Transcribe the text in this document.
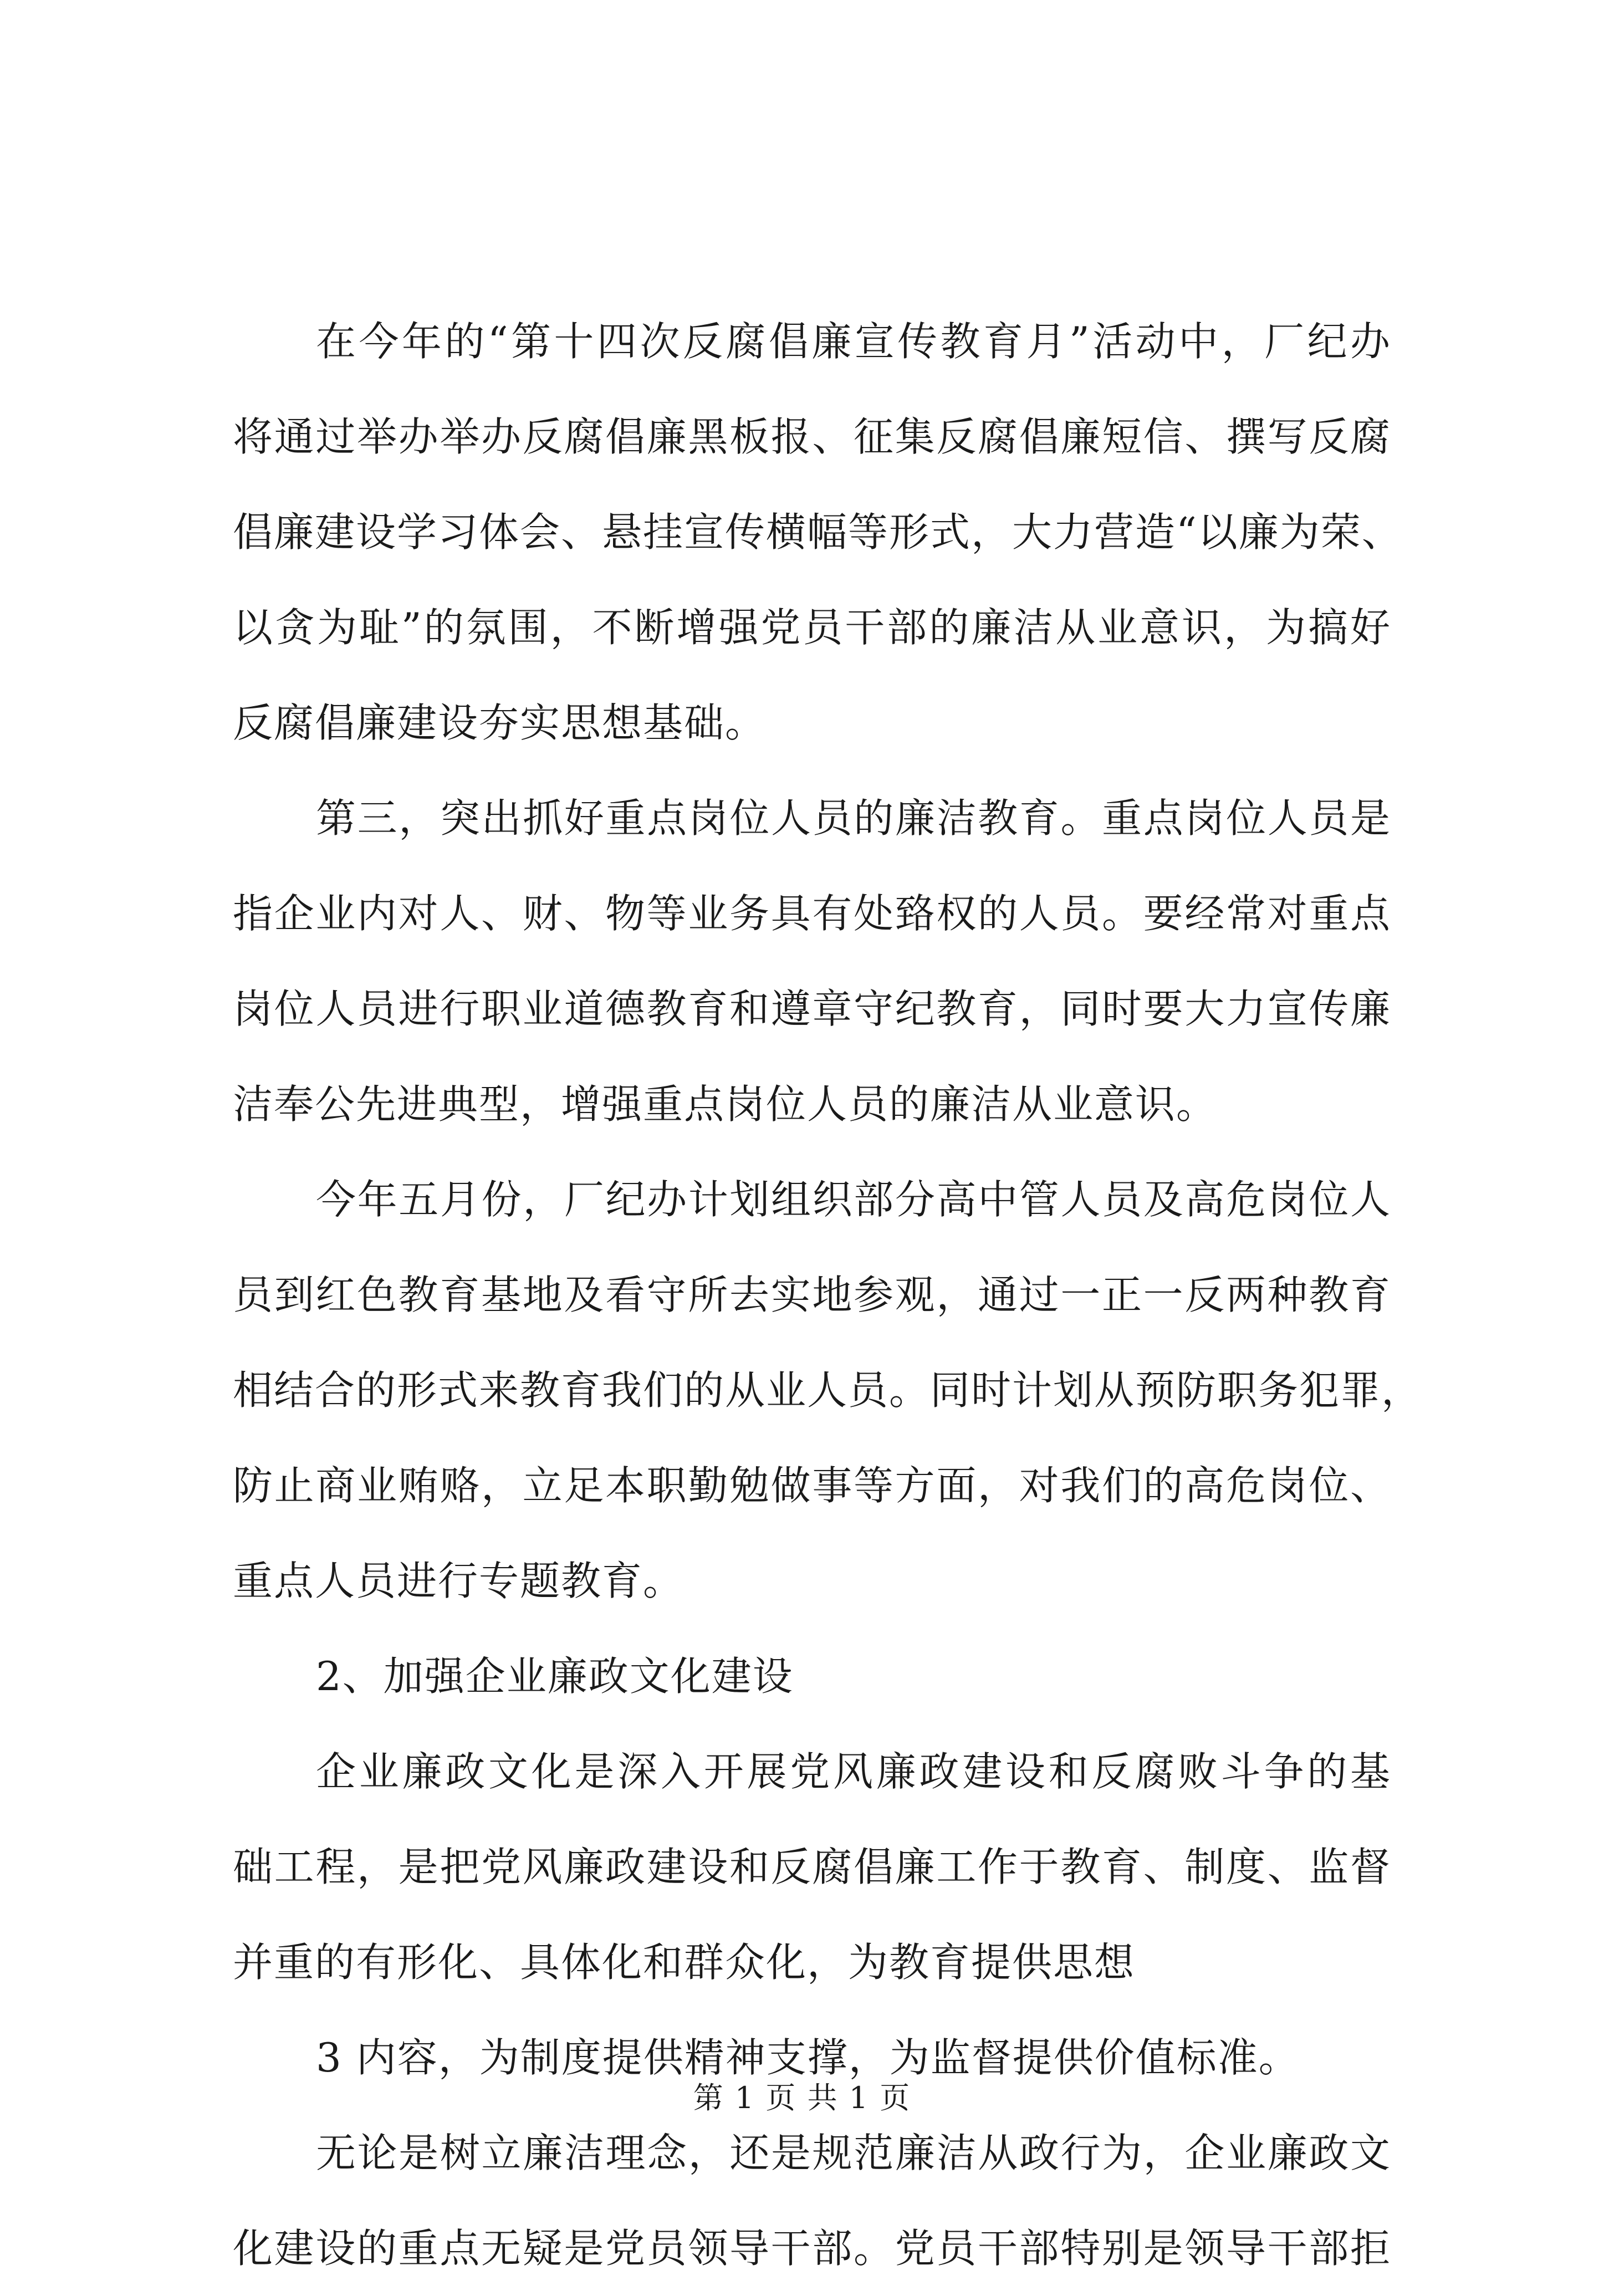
在今年的“第十四次反腐倡廉宣传教育月”活动中，厂纪办
将通过举办举办反腐倡廉黑板报、征集反腐倡廉短信、撰写反腐
倡廉建设学习体会、悬挂宣传横幅等形式，大力营造“以廉为荣、
以贪为耻”的氛围，不断增强党员干部的廉洁从业意识，为搞好
反腐倡廉建设夯实思想基础。
第三，突出抓好重点岗位人员的廉洁教育。重点岗位人员是
指企业内对人、财、物等业务具有处臵权的人员。要经常对重点
岗位人员进行职业道德教育和遵章守纪教育，同时要大力宣传廉
洁奉公先进典型，增强重点岗位人员的廉洁从业意识。
今年五月份，厂纪办计划组织部分高中管人员及高危岗位人
员到红色教育基地及看守所去实地参观，通过一正一反两种教育
相结合的形式来教育我们的从业人员。同时计划从预防职务犯罪，
防止商业贿赂，立足本职勤勉做事等方面，对我们的高危岗位、
重点人员进行专题教育。
2、加强企业廉政文化建设
企业廉政文化是深入开展党风廉政建设和反腐败斗争的基
础工程，是把党风廉政建设和反腐倡廉工作于教育、制度、监督
并重的有形化、具体化和群众化，为教育提供思想
3 内容，为制度提供精神支撑，为监督提供价值标准。
无论是树立廉洁理念，还是规范廉洁从政行为，企业廉政文
化建设的重点无疑是党员领导干部。党员干部特别是领导干部拒
第 1 页 共 1 页
